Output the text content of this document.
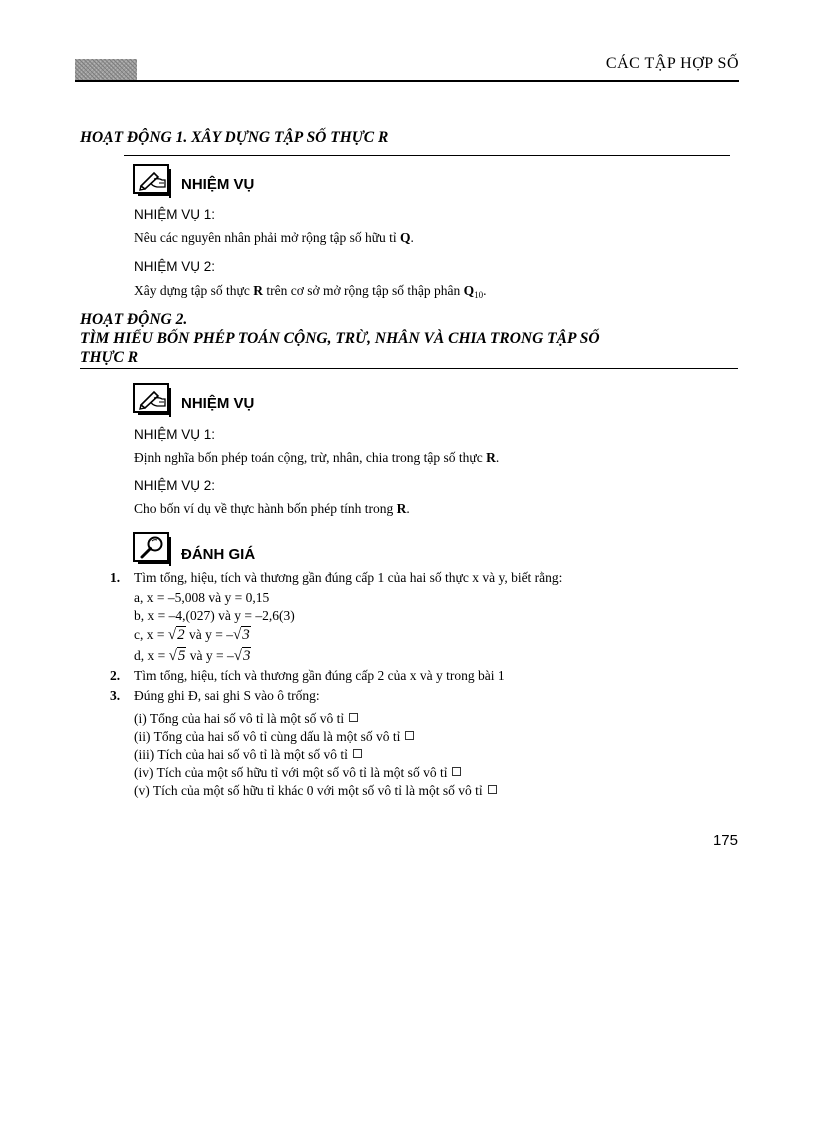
CÁC TẬP HỢP SỐ
HOẠT ĐỘNG 1. XÂY DỰNG TẬP SỐ THỰC R
NHIỆM VỤ
NHIỆM VỤ 1:
Nêu các nguyên nhân phải mở rộng tập số hữu tỉ Q.
NHIỆM VỤ 2:
Xây dựng tập số thực R trên cơ sở mở rộng tập số thập phân $Q_{10}$.
HOẠT ĐỘNG 2.
TÌM HIỂU BỐN PHÉP TOÁN CỘNG, TRỪ, NHÂN VÀ CHIA TRONG TẬP SỐ
THỰC R
NHIỆM VỤ
NHIỆM VỤ 1:
Định nghĩa bốn phép toán cộng, trừ, nhân, chia trong tập số thực R.
NHIỆM VỤ 2:
Cho bốn ví dụ về thực hành bốn phép tính trong R.
ĐÁNH GIÁ
1. Tìm tổng, hiệu, tích và thương gần đúng cấp 1 của hai số thực x và y, biết rằng:
a, x = –5,008 và y = 0,15
b, x = –4,(027) và y = –2,6(3)
c, x = √2 và y = –√3
d, x = √5 và y = –√3
2. Tìm tổng, hiệu, tích và thương gần đúng cấp 2 của x và y trong bài 1
3. Đúng ghi Đ, sai ghi S vào ô trống:
(i) Tổng của hai số vô tỉ là một số vô tỉ
(ii) Tổng của hai số vô tỉ cùng dấu là một số vô tỉ
(iii) Tích của hai số vô tỉ là một số vô tỉ
(iv) Tích của một số hữu tỉ với một số vô tỉ là một số vô tỉ
(v) Tích của một số hữu tỉ khác 0 với một số vô tỉ là một số vô tỉ
175
